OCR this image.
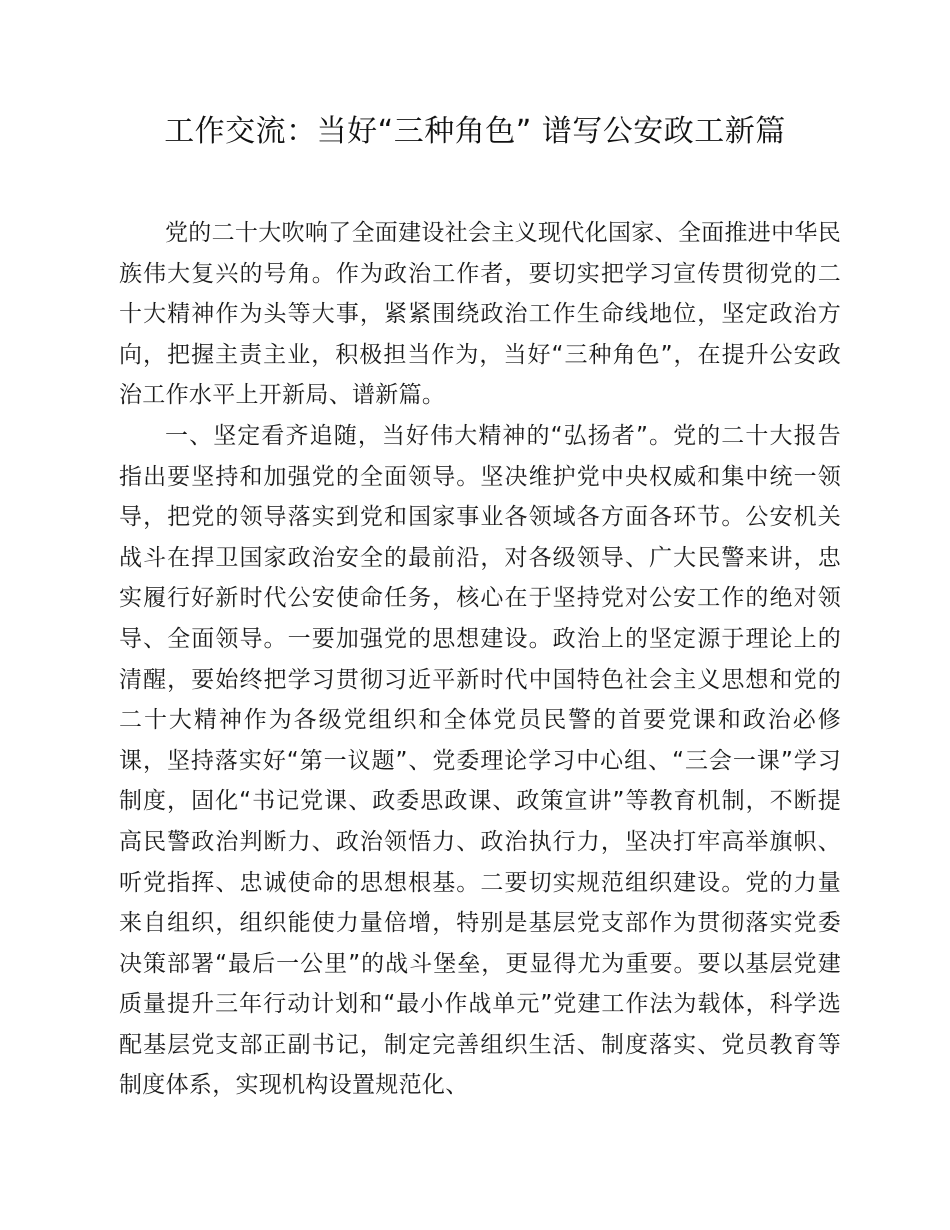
工作交流：当好“三种角色” 谱写公安政工新篇

党的二十大吹响了全面建设社会主义现代化国家、全面推进中华民族伟大复兴的号角。作为政治工作者，要切实把学习宣传贯彻党的二十大精神作为头等大事，紧紧围绕政治工作生命线地位，坚定政治方向，把握主责主业，积极担当作为，当好“三种角色”，在提升公安政治工作水平上开新局、谱新篇。

一、坚定看齐追随，当好伟大精神的“弘扬者”。党的二十大报告指出要坚持和加强党的全面领导。坚决维护党中央权威和集中统一领导，把党的领导落实到党和国家事业各领域各方面各环节。公安机关战斗在捍卫国家政治安全的最前沿，对各级领导、广大民警来讲，忠实履行好新时代公安使命任务，核心在于坚持党对公安工作的绝对领导、全面领导。一要加强党的思想建设。政治上的坚定源于理论上的清醒，要始终把学习贯彻习近平新时代中国特色社会主义思想和党的二十大精神作为各级党组织和全体党员民警的首要党课和政治必修课，坚持落实好“第一议题”、党委理论学习中心组、“三会一课”学习制度，固化“书记党课、政委思政课、政策宣讲”等教育机制，不断提高民警政治判断力、政治领悟力、政治执行力，坚决打牢高举旗帜、听党指挥、忠诚使命的思想根基。二要切实规范组织建设。党的力量来自组织，组织能使力量倍增，特别是基层党支部作为贯彻落实党委决策部署“最后一公里”的战斗堡垒，更显得尤为重要。要以基层党建质量提升三年行动计划和“最小作战单元”党建工作法为载体，科学选配基层党支部正副书记，制定完善组织生活、制度落实、党员教育等制度体系，实现机构设置规范化、
